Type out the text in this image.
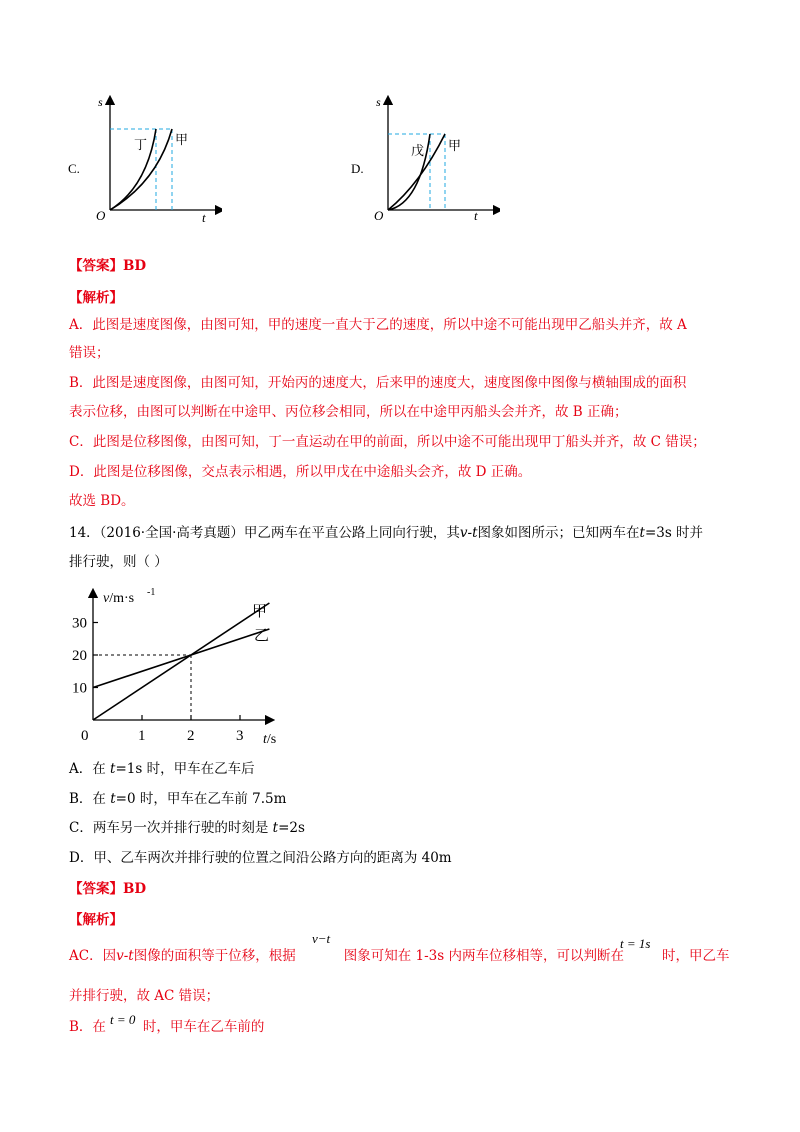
C.
s
t
O
丁 甲
D.
s
t
O
戊 甲
【答案】BD
【解析】
A．此图是速度图像，由图可知，甲的速度一直大于乙的速度，所以中途不可能出现甲乙船头并齐，故 A
错误；
B．此图是速度图像，由图可知，开始丙的速度大，后来甲的速度大，速度图像中图像与横轴围成的面积
表示位移，由图可以判断在中途甲、丙位移会相同，所以在中途甲丙船头会并齐，故 B 正确；
C．此图是位移图像，由图可知，丁一直运动在甲的前面，所以中途不可能出现甲丁船头并齐，故 C 错误；
D．此图是位移图像，交点表示相遇，所以甲戊在中途船头会齐，故 D 正确。
故选 BD。
14．（2016·全国·高考真题）甲乙两车在平直公路上同向行驶，其v-t图象如图所示；已知两车在t=3s 时并
排行驶，则（ ）
0	1	2	3
10
20
30
v/m·s -1
t/s
甲
乙
A．在 t=1s 时，甲车在乙车后
B．在 t=0 时，甲车在乙车前 7.5m
C．两车另一次并排行驶的时刻是 t=2s
D．甲、乙车两次并排行驶的位置之间沿公路方向的距离为 40m
【答案】BD
【解析】
AC．因v-t图像的面积等于位移，根据	图象可知在 1-3s 内两车位移相等，可以判断在	时，甲乙车
v−t	t = 1s
并排行驶，故 AC 错误；
B．在	时，甲车在乙车前的
t = 0
